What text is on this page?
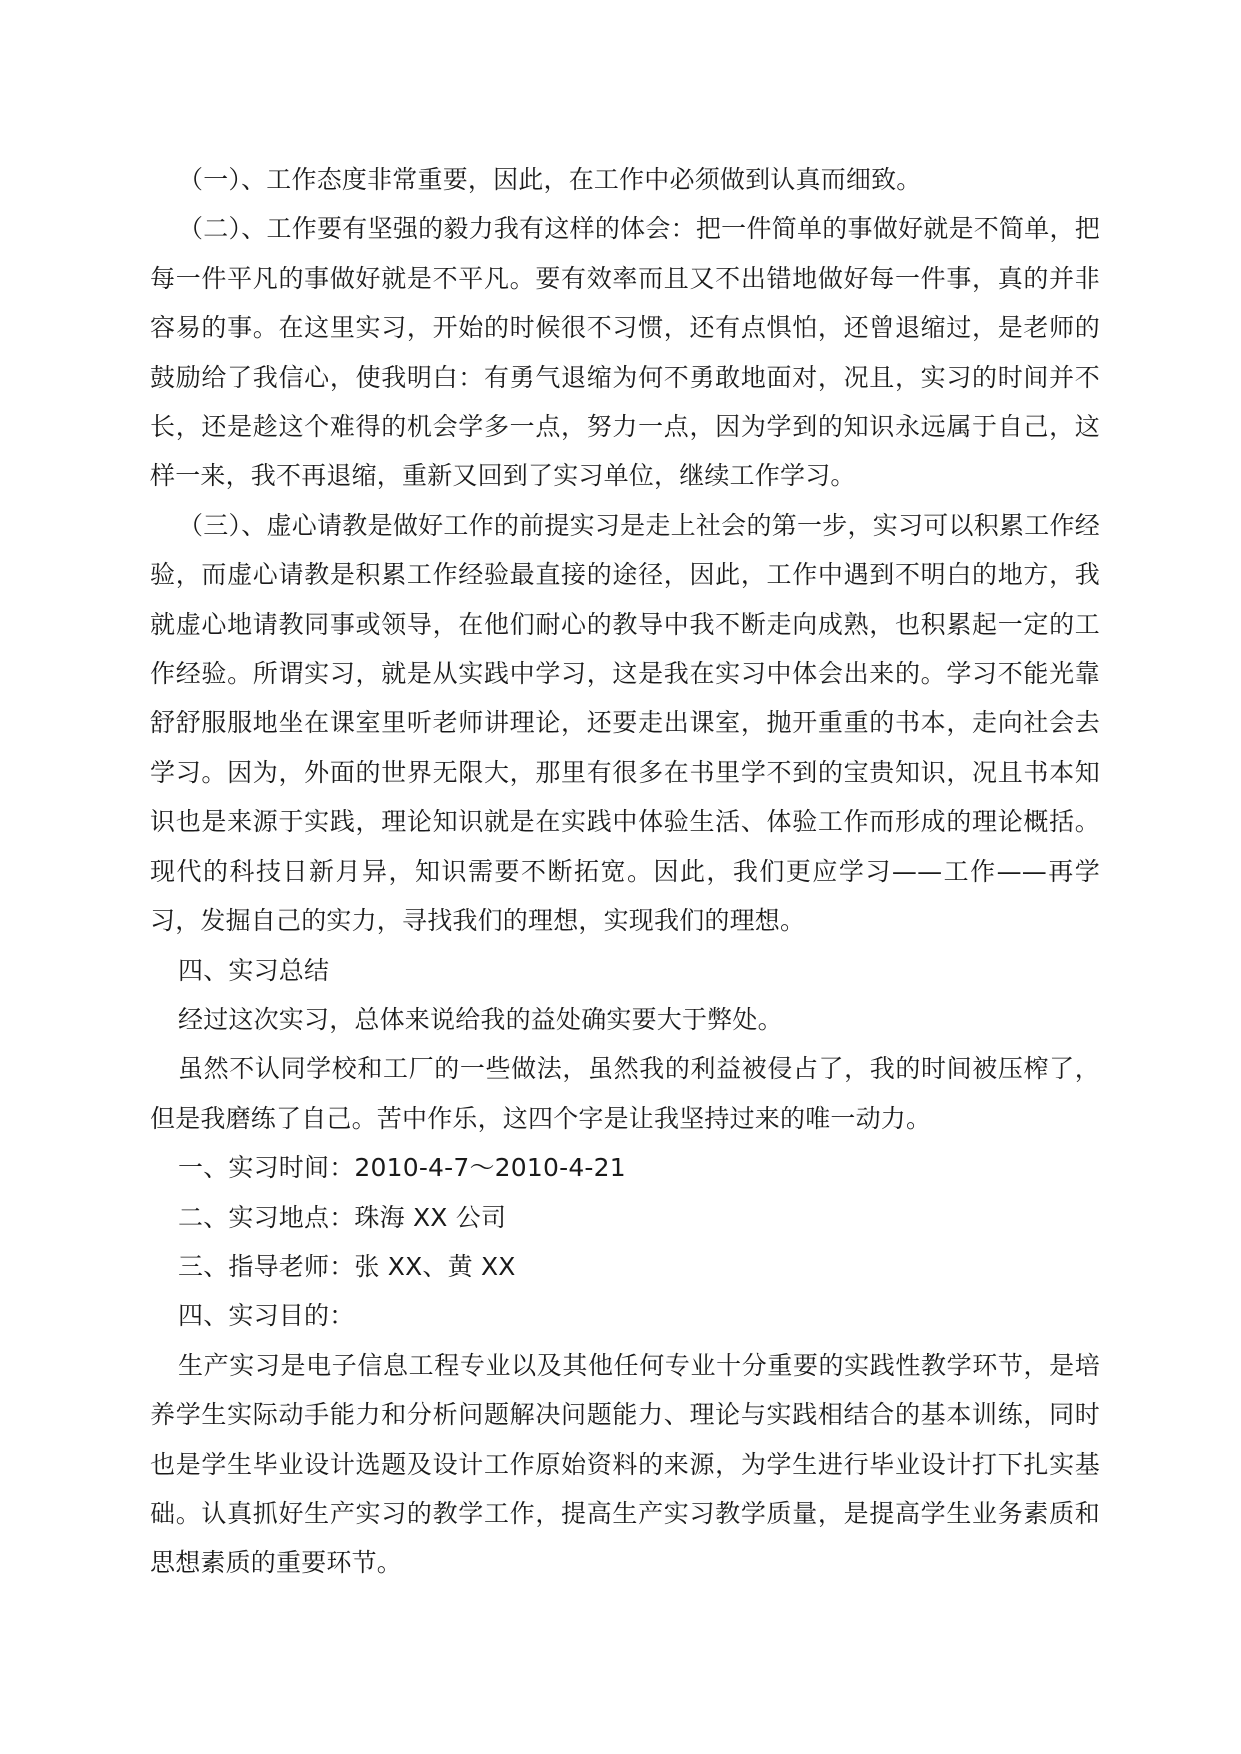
（一）、工作态度非常重要，因此，在工作中必须做到认真而细致。

（二）、工作要有坚强的毅力我有这样的体会：把一件简单的事做好就是不简单，把每一件平凡的事做好就是不平凡。要有效率而且又不出错地做好每一件事，真的并非容易的事。在这里实习，开始的时候很不习惯，还有点惧怕，还曾退缩过，是老师的鼓励给了我信心，使我明白：有勇气退缩为何不勇敢地面对，况且，实习的时间并不长，还是趁这个难得的机会学多一点，努力一点，因为学到的知识永远属于自己，这样一来，我不再退缩，重新又回到了实习单位，继续工作学习。

（三）、虚心请教是做好工作的前提实习是走上社会的第一步，实习可以积累工作经验，而虚心请教是积累工作经验最直接的途径，因此，工作中遇到不明白的地方，我就虚心地请教同事或领导，在他们耐心的教导中我不断走向成熟，也积累起一定的工作经验。所谓实习，就是从实践中学习，这是我在实习中体会出来的。学习不能光靠舒舒服服地坐在课室里听老师讲理论，还要走出课室，抛开重重的书本，走向社会去学习。因为，外面的世界无限大，那里有很多在书里学不到的宝贵知识，况且书本知识也是来源于实践，理论知识就是在实践中体验生活、体验工作而形成的理论概括。现代的科技日新月异，知识需要不断拓宽。因此，我们更应学习——工作——再学习，发掘自己的实力，寻找我们的理想，实现我们的理想。

四、实习总结

经过这次实习，总体来说给我的益处确实要大于弊处。

虽然不认同学校和工厂的一些做法，虽然我的利益被侵占了，我的时间被压榨了，但是我磨练了自己。苦中作乐，这四个字是让我坚持过来的唯一动力。

一、实习时间：2010-4-7～2010-4-21

二、实习地点：珠海 XX 公司

三、指导老师：张 XX、黄 XX

四、实习目的：

生产实习是电子信息工程专业以及其他任何专业十分重要的实践性教学环节，是培养学生实际动手能力和分析问题解决问题能力、理论与实践相结合的基本训练，同时也是学生毕业设计选题及设计工作原始资料的来源，为学生进行毕业设计打下扎实基础。认真抓好生产实习的教学工作，提高生产实习教学质量，是提高学生业务素质和思想素质的重要环节。
